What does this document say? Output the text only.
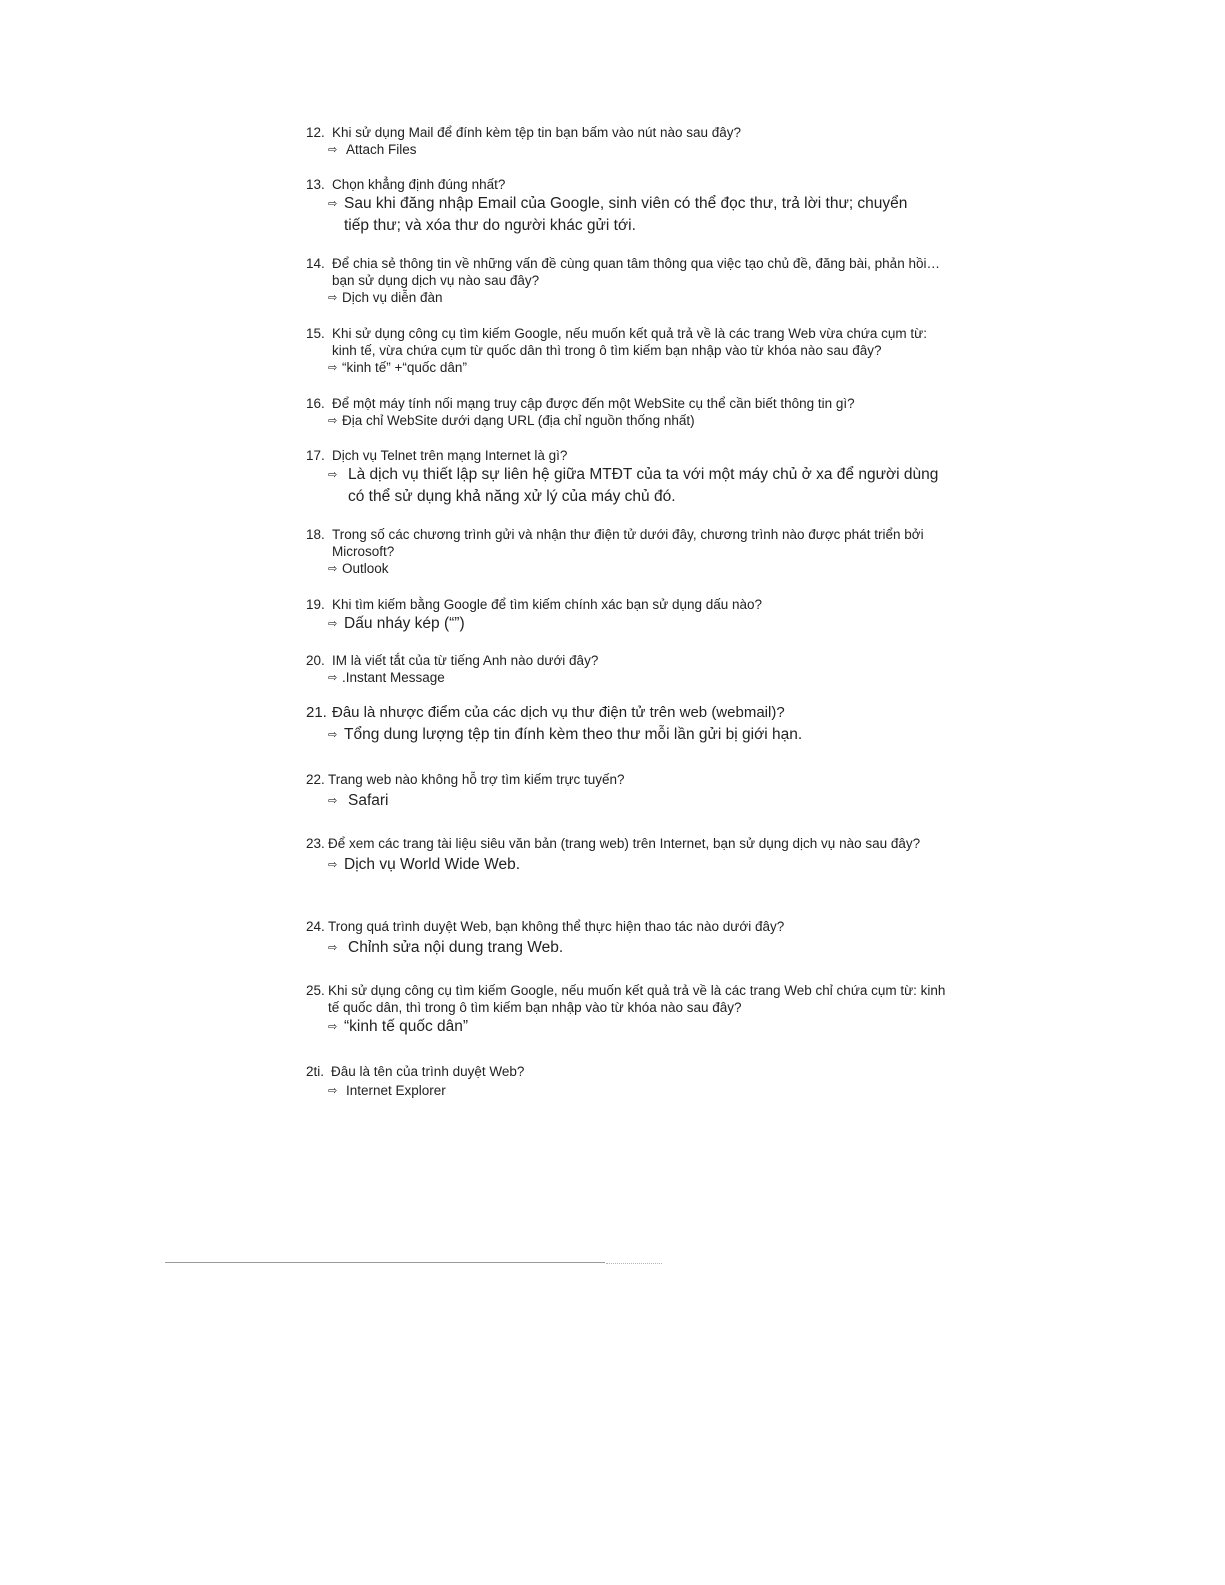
12. Khi sử dụng Mail để đính kèm tệp tin bạn bấm vào nút nào sau đây?
⇨ Attach Files
13. Chọn khẳng định đúng nhất?
⇨ Sau khi đăng nhập Email của Google, sinh viên có thể đọc thư, trả lời thư; chuyển tiếp thư; và xóa thư do người khác gửi tới.
14. Để chia sẻ thông tin về những vấn đề cùng quan tâm thông qua việc tạo chủ đề, đăng bài, phản hồi… bạn sử dụng dịch vụ nào sau đây?
⇨ Dịch vụ diễn đàn
15. Khi sử dụng công cụ tìm kiếm Google, nếu muốn kết quả trả về là các trang Web vừa chứa cụm từ: kinh tế, vừa chứa cụm từ quốc dân thì trong ô tìm kiếm bạn nhập vào từ khóa nào sau đây?
⇨ “kinh tế” +“quốc dân”
16. Để một máy tính nối mạng truy cập được đến một WebSite cụ thể cần biết thông tin gì?
⇨ Địa chỉ WebSite dưới dạng URL (địa chỉ nguồn thống nhất)
17. Dịch vụ Telnet trên mạng Internet là gì?
⇨ Là dịch vụ thiết lập sự liên hệ giữa MTĐT của ta với một máy chủ ở xa để người dùng có thể sử dụng khả năng xử lý của máy chủ đó.
18. Trong số các chương trình gửi và nhận thư điện tử dưới đây, chương trình nào được phát triển bởi Microsoft?
⇨ Outlook
19. Khi tìm kiếm bằng Google để tìm kiếm chính xác bạn sử dụng dấu nào?
⇨ Dấu nháy kép (“”)
20. IM là viết tắt của từ tiếng Anh nào dưới đây?
⇨ .Instant Message
21. Đâu là nhược điểm của các dịch vụ thư điện tử trên web (webmail)?
⇨ Tổng dung lượng tệp tin đính kèm theo thư mỗi lần gửi bị giới hạn.
22. Trang web nào không hỗ trợ tìm kiếm trực tuyến?
⇨ Safari
23. Để xem các trang tài liệu siêu văn bản (trang web) trên Internet, bạn sử dụng dịch vụ nào sau đây?
⇨ Dịch vụ World Wide Web.
24. Trong quá trình duyệt Web, bạn không thể thực hiện thao tác nào dưới đây?
⇨ Chỉnh sửa nội dung trang Web.
25. Khi sử dụng công cụ tìm kiếm Google, nếu muốn kết quả trả về là các trang Web chỉ chứa cụm từ: kinh tế quốc dân, thì trong ô tìm kiếm bạn nhập vào từ khóa nào sau đây?
⇨ “kinh tế quốc dân”
2ti. Đâu là tên của trình duyệt Web?
⇨ Internet Explorer
